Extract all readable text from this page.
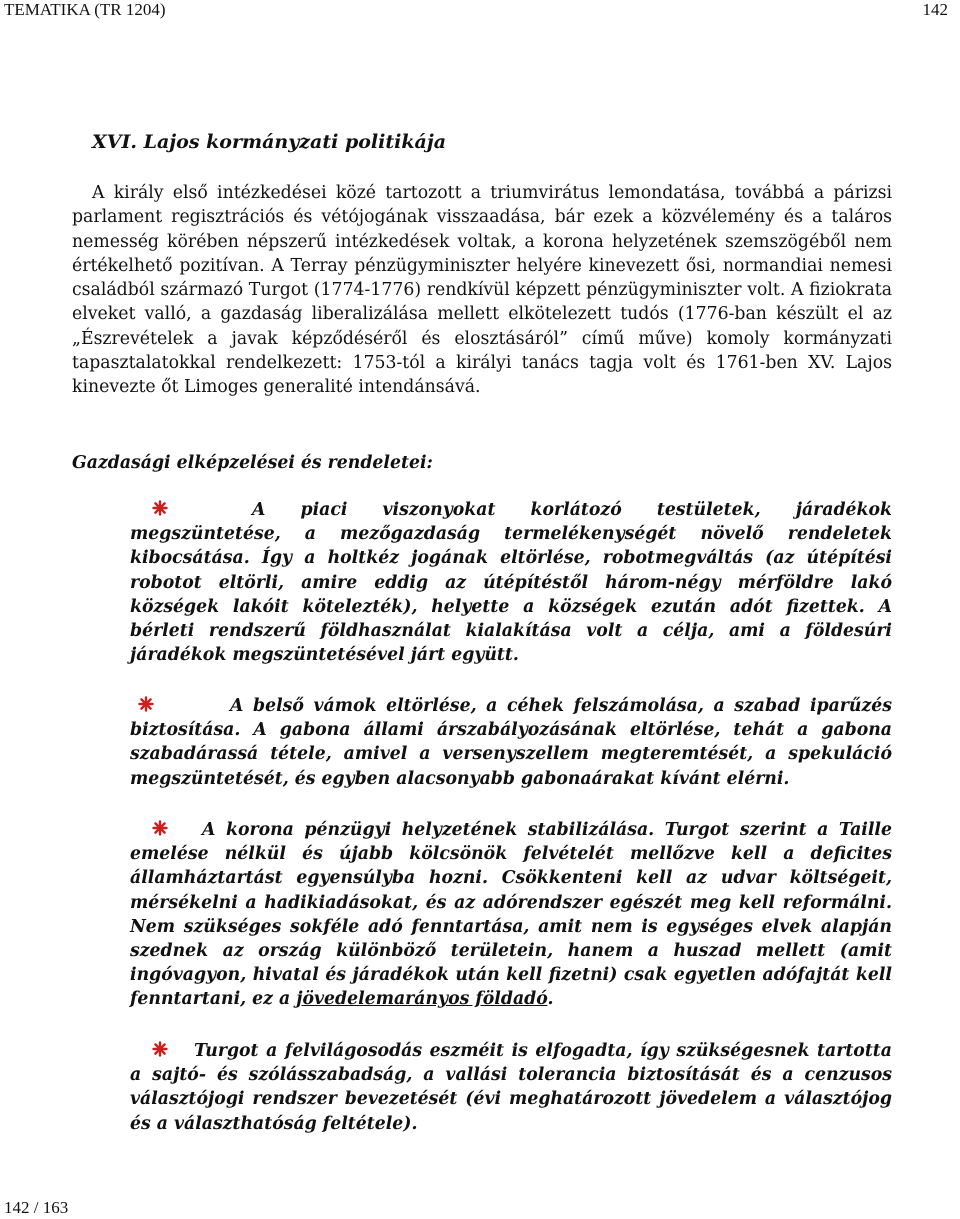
TEMATIKA (TR 1204)	142
XVI. Lajos kormányzati politikája

A király első intézkedései közé tartozott a triumvirátus lemondatása, továbbá a párizsi parlament regisztrációs és vétójogának visszaadása, bár ezek a közvélemény és a taláros nemesség körében népszerű intézkedések voltak, a korona helyzetének szemszögéből nem értékelhető pozitívan. A Terray pénzügyminiszter helyére kinevezett ősi, normandiai nemesi családból származó Turgot (1774-1776) rendkívül képzett pénzügyminiszter volt. A fiziokrata elveket valló, a gazdaság liberalizálása mellett elkötelezett tudós (1776-ban készült el az „Észrevételek a javak képződéséről és elosztásáról” című műve) komoly kormányzati tapasztalatokkal rendelkezett: 1753-tól a királyi tanács tagja volt és 1761-ben XV. Lajos kinevezte őt Limoges generalité intendánsává.

Gazdasági elképzelései és rendeletei:

A piaci viszonyokat korlátozó testületek, járadékok megszüntetése, a mezőgazdaság termelékenységét növelő rendeletek kibocsátása. Így a holtkéz jogának eltörlése, robotmegváltás (az útépítési robotot eltörli, amire eddig az útépítéstől három-négy mérföldre lakó községek lakóit kötelezték), helyette a községek ezután adót fizettek. A bérleti rendszerű földhasználat kialakítása volt a célja, ami a földesúri járadékok megszüntetésével járt együtt.

A belső vámok eltörlése, a céhek felszámolása, a szabad iparűzés biztosítása. A gabona állami árszabályozásának eltörlése, tehát a gabona szabadárassá tétele, amivel a versenyszellem megteremtését, a spekuláció megszüntetését, és egyben alacsonyabb gabonaárakat kívánt elérni.

A korona pénzügyi helyzetének stabilizálása. Turgot szerint a Taille emelése nélkül és újabb kölcsönök felvételét mellőzve kell a deficites államháztartást egyensúlyba hozni. Csökkenteni kell az udvar költségeit, mérsékelni a hadikiadásokat, és az adórendszer egészét meg kell reformálni. Nem szükséges sokféle adó fenntartása, amit nem is egységes elvek alapján szednek az ország különböző területein, hanem a huszad mellett (amit ingóvagyon, hivatal és járadékok után kell fizetni) csak egyetlen adófajtát kell fenntartani, ez a jövedelemarányos földadó.

Turgot a felvilágosodás eszméit is elfogadta, így szükségesnek tartotta a sajtó- és szólásszabadság, a vallási tolerancia biztosítását és a cenzusos választójogi rendszer bevezetését (évi meghatározott jövedelem a választójog és a választhatóság feltétele).

142 / 163
